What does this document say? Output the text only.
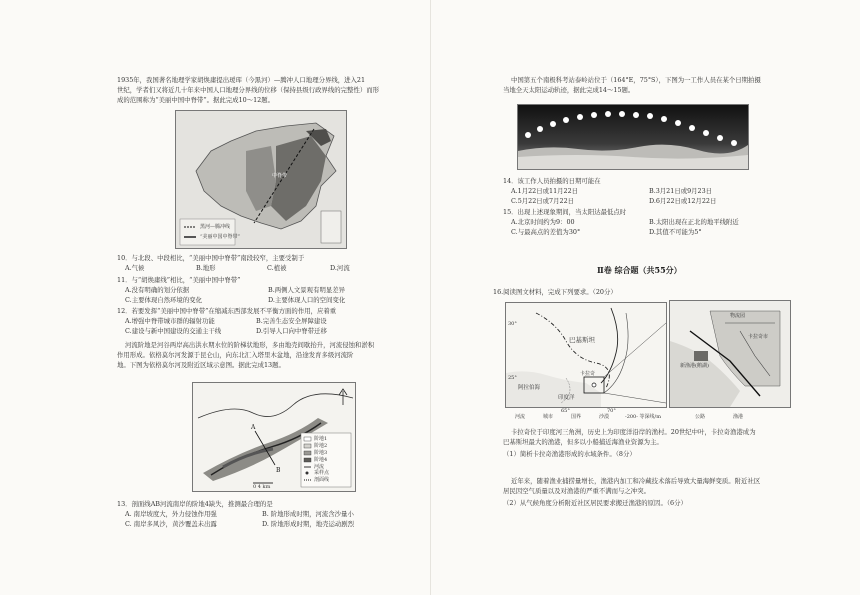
1935年，我国著名地理学家胡焕庸提出瑷珲（今黑河）—腾冲人口地理分界线，进入21
世纪，学者们又将近几十年来中国人口地理分界线的位移（保持县级行政界线的完整性）而形
成的范围称为“美丽中国中脊带”。据此完成10～12题。
黑河—腾冲线
“美丽中国中脊带”
中脊带
10．与北段、中段相比，“美丽中国中脊带”南段较窄，主要受制于
A.气候	B.地形	C.植被	D.河流
11．与“胡焕庸线”相比，“美丽中国中脊带”
A.没有明确的划分依据	B.两侧人文景观有明显差异
C.主要体现自然环境的变化	D.主要体现人口的空间变化
12．若要发挥“美丽中国中脊带”在缩减东西部发展不平衡方面的作用，应着重
A.增强中脊带城市群的辐射功能	B.完善生态安全屏障建设
C.建设与新中国建设的交通主干线	D.引导人口向中脊带迁移
河流阶地是河谷两岸高出洪水期水位的阶梯状地形，多由地壳间歇抬升，河流侵蚀和淤积
作用形成。依格莫尔河发源于昆仑山，向东北汇入塔里木盆地，沿途发育多级河流阶
地。下图为依格莫尔河及附近区域示意图。据此完成13题。
A
B
阶地1
阶地2
阶地3
阶地4
河流
采样点
剖面线
0 4 km
13．剖面线AB河流南岸的阶地4缺失，推测最合理的是
A. 南岸坡度大，外力侵蚀作用强	B. 阶地形成时期，河流含沙量小
C. 南岸多风沙，黄沙覆盖未出露	D. 阶地形成时期，地壳运动剧烈
中国第五个南极科考站泰岭站位于（164°E，75°S），下图为一工作人员在某个日期拍摄
当地全天太阳运动轨迹，据此完成14～15题。
14．该工作人员拍摄的日期可能在
A.1月22日或11月22日	B.3月21日或9月23日
C.5月22日或7月22日	D.6月22日或12月22日
15．出现上述现象期间，当太阳达最低点时
A.北京时间约为9：00	B.太阳出现在正北的地平线附近
C.与最高点的差值为30°	D.其值不可能为5°
Ⅱ卷 综合题（共55分）
16.阅读图文材料，完成下列要求。（20分）
巴基斯坦
阿拉伯海
印度洋
卡拉奇
30°
25°
65°	70°
卡拉奇市
新渔港(鹅湖)
物流园
河流	城市	国界	沙漠	-200- 等深线/m	公路	渔港
卡拉奇位于印度河三角洲，历史上为印度洋沿岸的渔村。20世纪中叶，卡拉奇渔港成为
巴基斯坦最大的渔港，但多以小船捕近海渔业资源为主。
（1）简析卡拉奇渔港形成的水域条件。（8分）
近年来，随着渔业捕捞量增长，渔港内加工和冷藏技术落后导致大量海鲜变质。附近社区
居民因空气质量以及对渔港的严重不满而与之冲突。
（2）从气候角度分析附近社区居民要求搬迁渔港的原因。（6分）
